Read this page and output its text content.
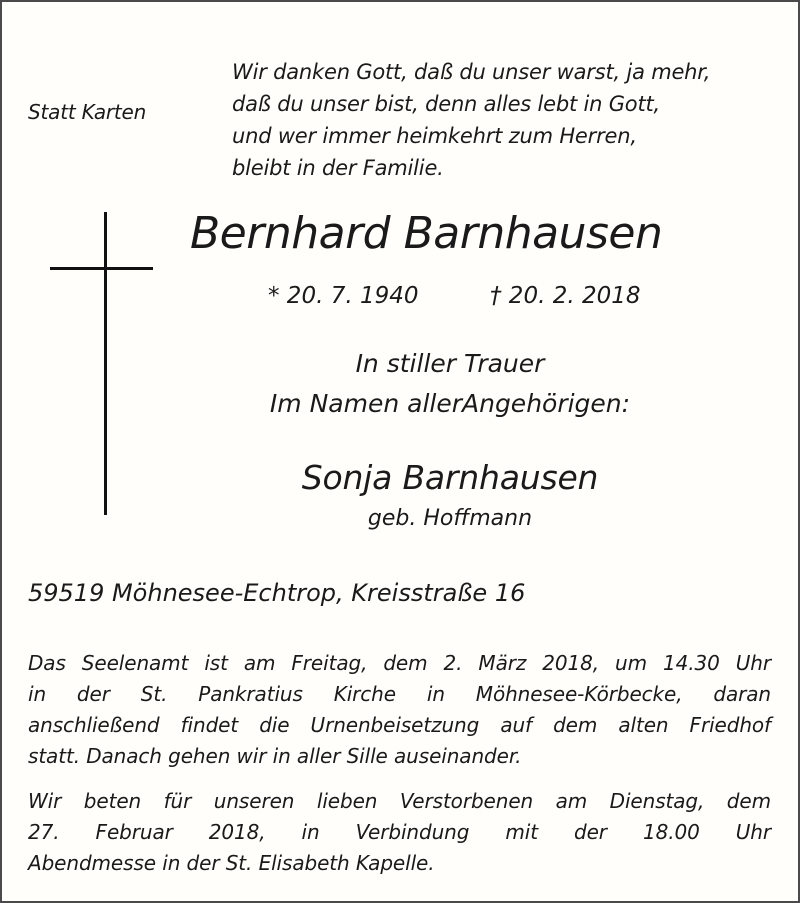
Statt Karten
Wir danken Gott, daß du unser warst, ja mehr,
daß du unser bist, denn alles lebt in Gott,
und wer immer heimkehrt zum Herren,
bleibt in der Familie.
Bernhard Barnhausen
* 20. 7. 1940	† 20. 2. 2018
In stiller Trauer
Im Namen allerAngehörigen:
Sonja Barnhausen
geb. Hoffmann
59519 Möhnesee-Echtrop, Kreisstraße 16
Das Seelenamt ist am Freitag, dem 2. März 2018, um 14.30 Uhr
in der St. Pankratius Kirche in Möhnesee-Körbecke, daran
anschließend findet die Urnenbeisetzung auf dem alten Friedhof
statt. Danach gehen wir in aller Sille auseinander.
Wir beten für unseren lieben Verstorbenen am Dienstag, dem
27. Februar 2018, in Verbindung mit der 18.00 Uhr
Abendmesse in der St. Elisabeth Kapelle.
